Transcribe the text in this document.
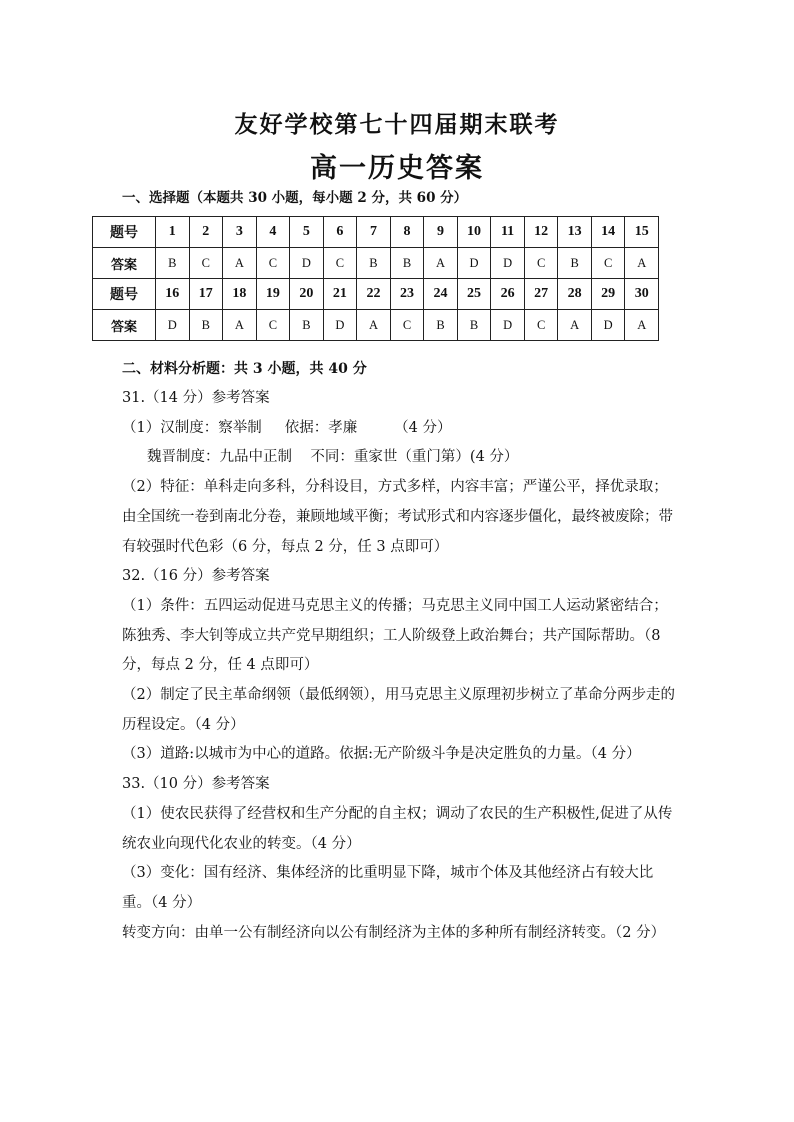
友好学校第七十四届期末联考
高一历史答案
一、选择题（本题共 30 小题，每小题 2 分，共 60 分）
题号	1	2	3	4	5	6	7	8	9	10	11	12	13	14	15
答案	B	C	A	C	D	C	B	B	A	D	D	C	B	C	A
题号	16	17	18	19	20	21	22	23	24	25	26	27	28	29	30
答案	D	B	A	C	B	D	A	C	B	B	D	C	A	D	A
二、材料分析题：共 3 小题，共 40 分

31.（14 分）参考答案

（1）汉制度：察举制     依据：孝廉        （4 分）

魏晋制度：九品中正制    不同：重家世（重门第）(4 分）

（2）特征：单科走向多科，分科设目，方式多样，内容丰富；严谨公平，择优录取；由全国统一卷到南北分卷，兼顾地域平衡；考试形式和内容逐步僵化，最终被废除；带有较强时代色彩（6 分，每点 2 分，任 3 点即可）

32.（16 分）参考答案

（1）条件：五四运动促进马克思主义的传播；马克思主义同中国工人运动紧密结合；陈独秀、李大钊等成立共产党早期组织；工人阶级登上政治舞台；共产国际帮助。（8 分，每点 2 分，任 4 点即可）

（2）制定了民主革命纲领（最低纲领），用马克思主义原理初步树立了革命分两步走的历程设定。（4 分）

（3）道路:以城市为中心的道路。依据:无产阶级斗争是决定胜负的力量。（4 分）

33.（10 分）参考答案

（1）使农民获得了经营权和生产分配的自主权；调动了农民的生产积极性,促进了从传统农业向现代化农业的转变。（4 分）

（3）变化：国有经济、集体经济的比重明显下降，城市个体及其他经济占有较大比重。（4 分）

转变方向：由单一公有制经济向以公有制经济为主体的多种所有制经济转变。（2 分）
